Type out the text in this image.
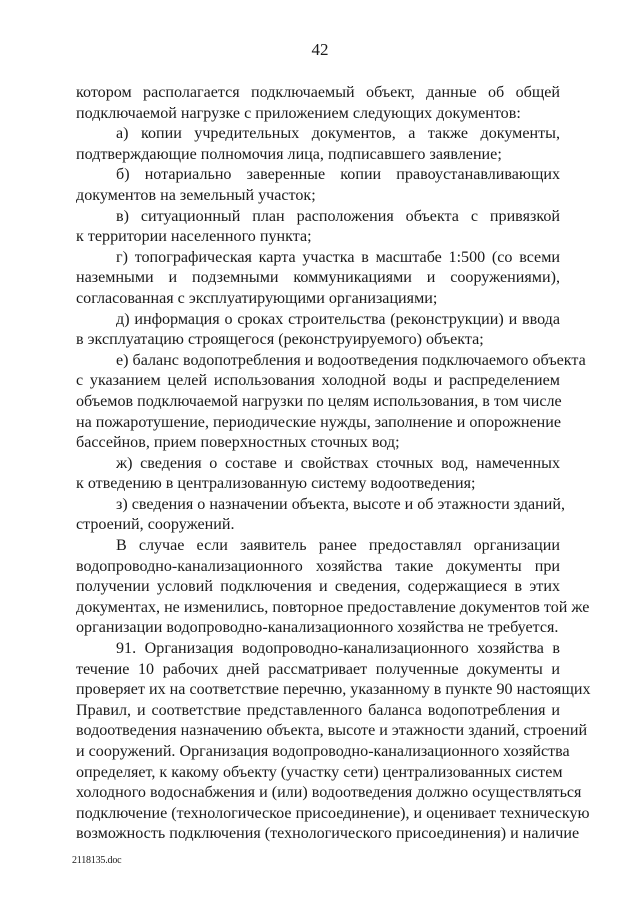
42
котором располагается подключаемый объект, данные об общей
подключаемой нагрузке с приложением следующих документов:
а) копии учредительных документов, а также документы,
подтверждающие полномочия лица, подписавшего заявление;
б) нотариально заверенные копии правоустанавливающих
документов на земельный участок;
в) ситуационный план расположения объекта с привязкой
к территории населенного пункта;
г) топографическая карта участка в масштабе 1:500 (со всеми
наземными и подземными коммуникациями и сооружениями),
согласованная с эксплуатирующими организациями;
д) информация о сроках строительства (реконструкции) и ввода
в эксплуатацию строящегося (реконструируемого) объекта;
е) баланс водопотребления и водоотведения подключаемого объекта
с указанием целей использования холодной воды и распределением
объемов подключаемой нагрузки по целям использования, в том числе
на пожаротушение, периодические нужды, заполнение и опорожнение
бассейнов, прием поверхностных сточных вод;
ж) сведения о составе и свойствах сточных вод, намеченных
к отведению в централизованную систему водоотведения;
з) сведения о назначении объекта, высоте и об этажности зданий,
строений, сооружений.
В случае если заявитель ранее предоставлял организации
водопроводно-канализационного хозяйства такие документы при
получении условий подключения и сведения, содержащиеся в этих
документах, не изменились, повторное предоставление документов той же
организации водопроводно-канализационного хозяйства не требуется.
91. Организация водопроводно-канализационного хозяйства в
течение 10 рабочих дней рассматривает полученные документы и
проверяет их на соответствие перечню, указанному в пункте 90 настоящих
Правил, и соответствие представленного баланса водопотребления и
водоотведения назначению объекта, высоте и этажности зданий, строений
и сооружений. Организация водопроводно-канализационного хозяйства
определяет, к какому объекту (участку сети) централизованных систем
холодного водоснабжения и (или) водоотведения должно осуществляться
подключение (технологическое присоединение), и оценивает техническую
возможность подключения (технологического присоединения) и наличие
2118135.doc
